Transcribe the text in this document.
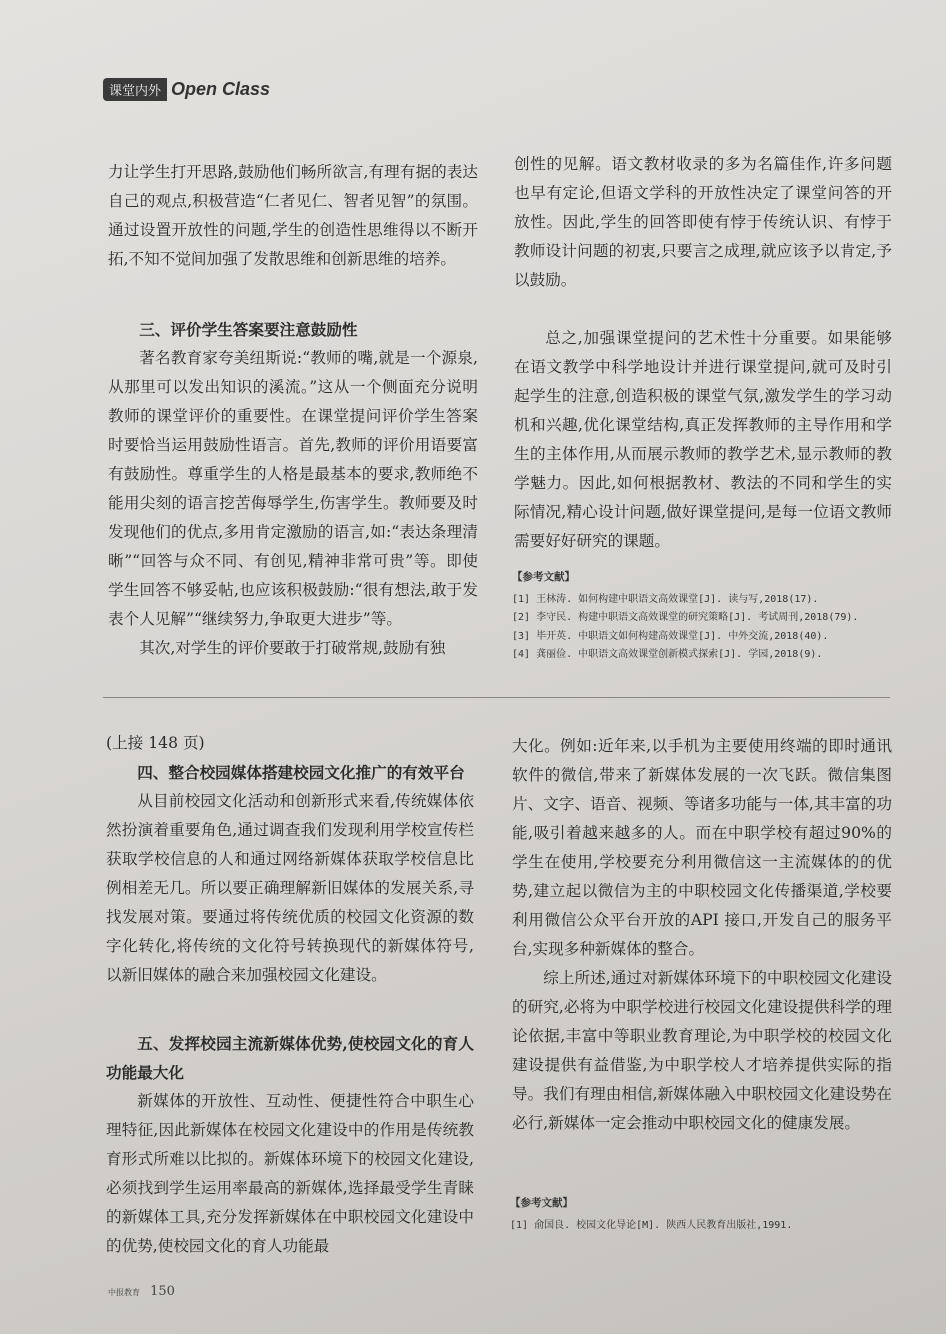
课堂内外 Open Class

力让学生打开思路,鼓励他们畅所欲言,有理有据的表达自己的观点,积极营造“仁者见仁、智者见智”的氛围。通过设置开放性的问题,学生的创造性思维得以不断开拓,不知不觉间加强了发散思维和创新思维的培养。

三、评价学生答案要注意鼓励性

著名教育家夸美纽斯说:“教师的嘴,就是一个源泉,从那里可以发出知识的溪流。”这从一个侧面充分说明教师的课堂评价的重要性。在课堂提问评价学生答案时要恰当运用鼓励性语言。首先,教师的评价用语要富有鼓励性。尊重学生的人格是最基本的要求,教师绝不能用尖刻的语言挖苦侮辱学生,伤害学生。教师要及时发现他们的优点,多用肯定激励的语言,如:“表达条理清晰”“回答与众不同、有创见,精神非常可贵”等。即使学生回答不够妥帖,也应该积极鼓励:“很有想法,敢于发表个人见解”“继续努力,争取更大进步”等。

其次,对学生的评价要敢于打破常规,鼓励有独

创性的见解。语文教材收录的多为名篇佳作,许多问题也早有定论,但语文学科的开放性决定了课堂问答的开放性。因此,学生的回答即使有悖于传统认识、有悖于教师设计问题的初衷,只要言之成理,就应该予以肯定,予以鼓励。

总之,加强课堂提问的艺术性十分重要。如果能够在语文教学中科学地设计并进行课堂提问,就可及时引起学生的注意,创造积极的课堂气氛,激发学生的学习动机和兴趣,优化课堂结构,真正发挥教师的主导作用和学生的主体作用,从而展示教师的教学艺术,显示教师的教学魅力。因此,如何根据教材、教法的不同和学生的实际情况,精心设计问题,做好课堂提问,是每一位语文教师需要好好研究的课题。

【参考文献】
[1] 王林涛. 如何构建中职语文高效课堂[J]. 读与写,2018(17).
[2] 李守民. 构建中职语文高效课堂的研究策略[J]. 考试周刊,2018(79).
[3] 毕开英. 中职语文如何构建高效课堂[J]. 中外交流,2018(40).
[4] 龚丽俭. 中职语文高效课堂创新模式探索[J]. 学园,2018(9).

(上接 148 页)

四、整合校园媒体搭建校园文化推广的有效平台

从目前校园文化活动和创新形式来看,传统媒体依然扮演着重要角色,通过调查我们发现利用学校宣传栏获取学校信息的人和通过网络新媒体获取学校信息比例相差无几。所以要正确理解新旧媒体的发展关系,寻找发展对策。要通过将传统优质的校园文化资源的数字化转化,将传统的文化符号转换现代的新媒体符号,以新旧媒体的融合来加强校园文化建设。

五、发挥校园主流新媒体优势,使校园文化的育人功能最大化

新媒体的开放性、互动性、便捷性符合中职生心理特征,因此新媒体在校园文化建设中的作用是传统教育形式所难以比拟的。新媒体环境下的校园文化建设,必须找到学生运用率最高的新媒体,选择最受学生青睐的新媒体工具,充分发挥新媒体在中职校园文化建设中的优势,使校园文化的育人功能最

大化。例如:近年来,以手机为主要使用终端的即时通讯软件的微信,带来了新媒体发展的一次飞跃。微信集图片、文字、语音、视频、等诸多功能与一体,其丰富的功能,吸引着越来越多的人。而在中职学校有超过90%的学生在使用,学校要充分利用微信这一主流媒体的的优势,建立起以微信为主的中职校园文化传播渠道,学校要利用微信公众平台开放的API 接口,开发自己的服务平台,实现多种新媒体的整合。

综上所述,通过对新媒体环境下的中职校园文化建设的研究,必将为中职学校进行校园文化建设提供科学的理论依据,丰富中等职业教育理论,为中职学校的校园文化建设提供有益借鉴,为中职学校人才培养提供实际的指导。我们有理由相信,新媒体融入中职校园文化建设势在必行,新媒体一定会推动中职校园文化的健康发展。

【参考文献】
[1] 俞国良. 校园文化导论[M]. 陕西人民教育出版社,1991.
中报教育 150
